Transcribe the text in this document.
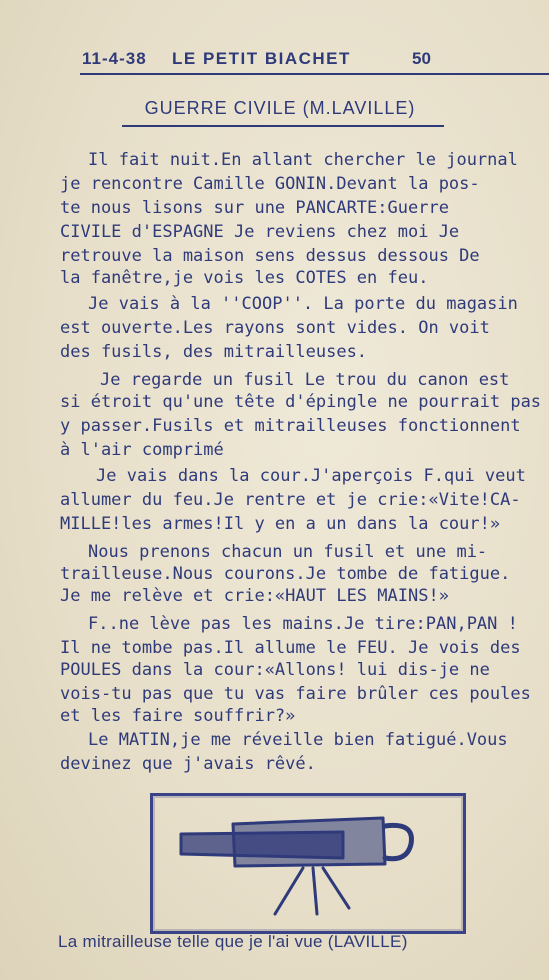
11-4-38 LE PETIT BIACHET	50
GUERRE CIVILE (M.LAVILLE)
Il fait nuit.En allant chercher le journal
je rencontre Camille GONIN.Devant la pos-
te nous lisons sur une PANCARTE:Guerre
CIVILE d'ESPAGNE Je reviens chez moi Je
retrouve la maison sens dessus dessous De
la fanêtre,je vois les COTES en feu.
Je vais à la ''COOP''. La porte du magasin
est ouverte.Les rayons sont vides. On voit
des fusils, des mitrailleuses.
Je regarde un fusil Le trou du canon est
si étroit qu'une tête d'épingle ne pourrait pas
y passer.Fusils et mitrailleuses fonctionnent
à l'air comprimé
Je vais dans la cour.J'aperçois F.qui veut
allumer du feu.Je rentre et je crie:«Vite!CA-
MILLE!les armes!Il y en a un dans la cour!»
Nous prenons chacun un fusil et une mi-
trailleuse.Nous courons.Je tombe de fatigue.
Je me relève et crie:«HAUT LES MAINS!»
F..ne lève pas les mains.Je tire:PAN,PAN !
Il ne tombe pas.Il allume le FEU. Je vois des
POULES dans la cour:«Allons! lui dis-je ne
vois-tu pas que tu vas faire brûler ces poules
et les faire souffrir?»
Le MATIN,je me réveille bien fatigué.Vous
devinez que j'avais rêvé.
La mitrailleuse telle que je l'ai vue (LAVILLE)
